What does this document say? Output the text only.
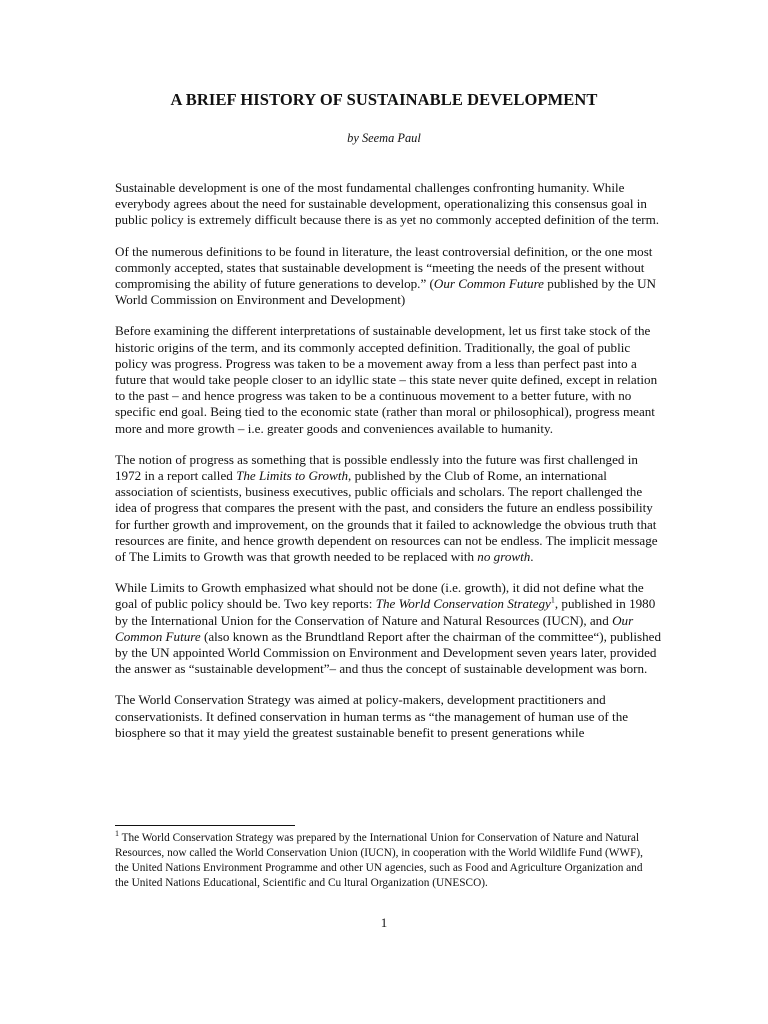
A BRIEF HISTORY OF SUSTAINABLE DEVELOPMENT
by Seema Paul

Sustainable development is one of the most fundamental challenges confronting humanity. While everybody agrees about the need for sustainable development, operationalizing this consensus goal in public policy is extremely difficult because there is as yet no commonly accepted definition of the term.

Of the numerous definitions to be found in literature, the least controversial definition, or the one most commonly accepted, states that sustainable development is “meeting the needs of the present without compromising the ability of future generations to develop.” (Our Common Future published by the UN World Commission on Environment and Development)

Before examining the different interpretations of sustainable development, let us first take stock of the historic origins of the term, and its commonly accepted definition. Traditionally, the goal of public policy was progress. Progress was taken to be a movement away from a less than perfect past into a future that would take people closer to an idyllic state – this state never quite defined, except in relation to the past – and hence progress was taken to be a continuous movement to a better future, with no specific end goal. Being tied to the economic state (rather than moral or philosophical), progress meant more and more growth – i.e. greater goods and conveniences available to humanity.

The notion of progress as something that is possible endlessly into the future was first challenged in 1972 in a report called The Limits to Growth, published by the Club of Rome, an international association of scientists, business executives, public officials and scholars. The report challenged the idea of progress that compares the present with the past, and considers the future an endless possibility for further growth and improvement, on the grounds that it failed to acknowledge the obvious truth that resources are finite, and hence growth dependent on resources can not be endless. The implicit message of The Limits to Growth was that growth needed to be replaced with no growth.

While Limits to Growth emphasized what should not be done (i.e. growth), it did not define what the goal of public policy should be. Two key reports: The World Conservation Strategy$^1$, published in 1980 by the International Union for the Conservation of Nature and Natural Resources (IUCN), and Our Common Future (also known as the Brundtland Report after the chairman of the committee“), published by the UN appointed World Commission on Environment and Development seven years later, provided the answer as “sustainable development”– and thus the concept of sustainable development was born.

The World Conservation Strategy was aimed at policy-makers, development practitioners and conservationists. It defined conservation in human terms as “the management of human use of the biosphere so that it may yield the greatest sustainable benefit to present generations while

$^1$ The World Conservation Strategy was prepared by the International Union for Conservation of Nature and Natural Resources, now called the World Conservation Union (IUCN), in cooperation with the World Wildlife Fund (WWF), the United Nations Environment Programme and other UN agencies, such as Food and Agriculture Organization and the United Nations Educational, Scientific and Cu ltural Organization (UNESCO).
1
